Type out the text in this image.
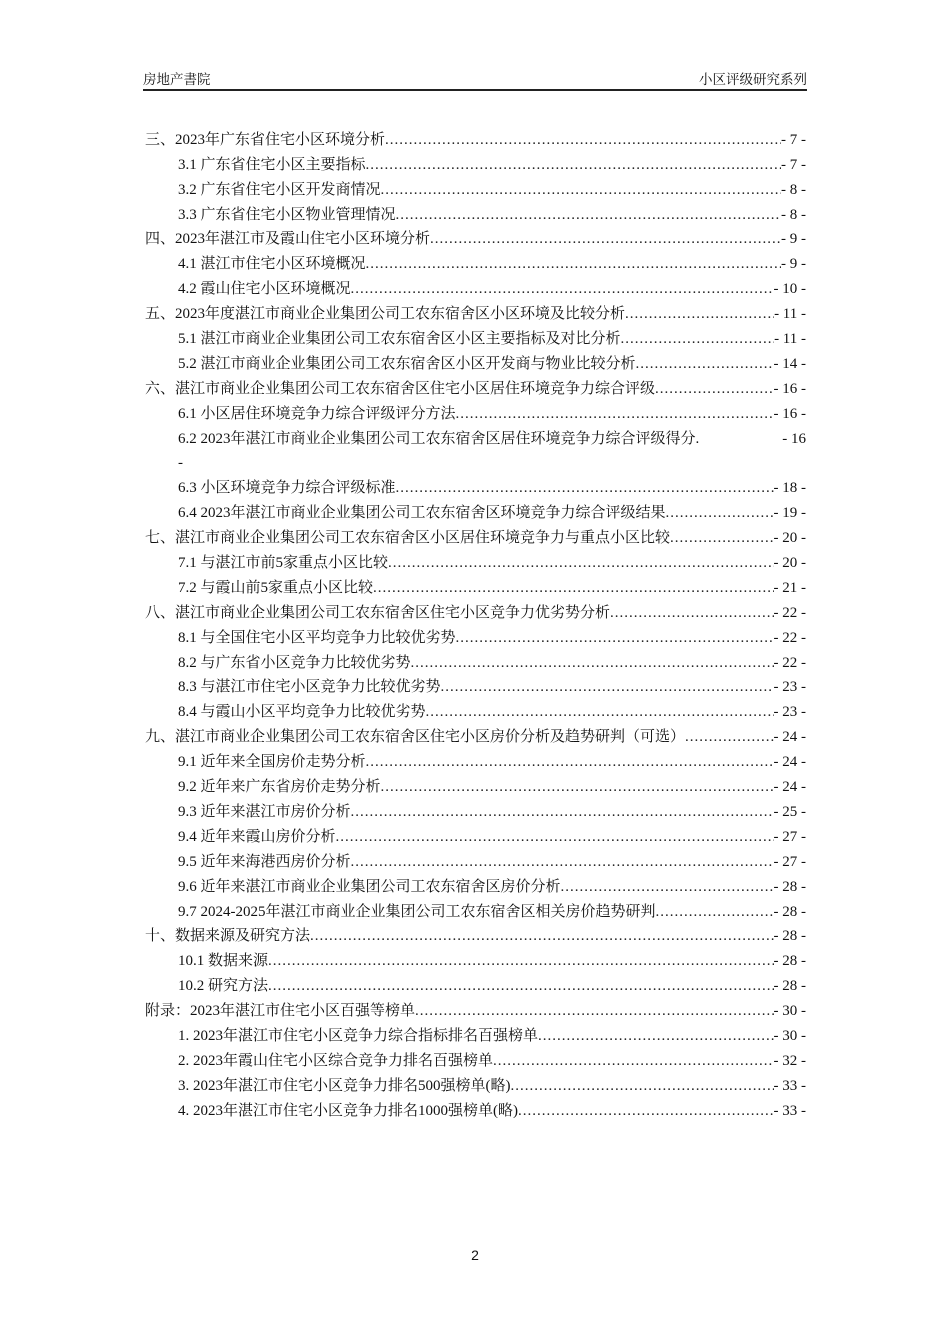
房地产書院	小区评级研究系列
三、2023年广东省住宅小区环境分析 .....	- 7 -
3.1 广东省住宅小区主要指标 .....	- 7 -
3.2 广东省住宅小区开发商情况 .....	- 8 -
3.3 广东省住宅小区物业管理情况 .....	- 8 -
四、2023年湛江市及霞山住宅小区环境分析 .....	- 9 -
4.1 湛江市住宅小区环境概况 .....	- 9 -
4.2 霞山住宅小区环境概况 .....	- 10 -
五、2023年度湛江市商业企业集团公司工农东宿舍区小区环境及比较分析 .....	- 11 -
5.1 湛江市商业企业集团公司工农东宿舍区小区主要指标及对比分析 .....	- 11 -
5.2 湛江市商业企业集团公司工农东宿舍区小区开发商与物业比较分析 .....	- 14 -
六、湛江市商业企业集团公司工农东宿舍区住宅小区居住环境竞争力综合评级 .....	- 16 -
6.1 小区居住环境竞争力综合评级评分方法 .....	- 16 -
6.2 2023年湛江市商业企业集团公司工农东宿舍区居住环境竞争力综合评级得分.	- 16
-
6.3 小区环境竞争力综合评级标准 .....	- 18 -
6.4 2023年湛江市商业企业集团公司工农东宿舍区环境竞争力综合评级结果 .....	- 19 -
七、湛江市商业企业集团公司工农东宿舍区小区居住环境竞争力与重点小区比较 .....	- 20 -
7.1 与湛江市前5家重点小区比较 .....	- 20 -
7.2 与霞山前5家重点小区比较 .....	- 21 -
八、湛江市商业企业集团公司工农东宿舍区住宅小区竞争力优劣势分析 .....	- 22 -
8.1 与全国住宅小区平均竞争力比较优劣势 .....	- 22 -
8.2 与广东省小区竞争力比较优劣势 .....	- 22 -
8.3 与湛江市住宅小区竞争力比较优劣势 .....	- 23 -
8.4 与霞山小区平均竞争力比较优劣势 .....	- 23 -
九、湛江市商业企业集团公司工农东宿舍区住宅小区房价分析及趋势研判（可选） .....	- 24 -
9.1 近年来全国房价走势分析 .....	- 24 -
9.2 近年来广东省房价走势分析 .....	- 24 -
9.3 近年来湛江市房价分析 .....	- 25 -
9.4 近年来霞山房价分析 .....	- 27 -
9.5 近年来海港西房价分析 .....	- 27 -
9.6 近年来湛江市商业企业集团公司工农东宿舍区房价分析 .....	- 28 -
9.7 2024-2025年湛江市商业企业集团公司工农东宿舍区相关房价趋势研判 .....	- 28 -
十、数据来源及研究方法 .....	- 28 -
10.1 数据来源 .....	- 28 -
10.2 研究方法 .....	- 28 -
附录：2023年湛江市住宅小区百强等榜单 .....	- 30 -
1. 2023年湛江市住宅小区竞争力综合指标排名百强榜单 .....	- 30 -
2. 2023年霞山住宅小区综合竞争力排名百强榜单 .....	- 32 -
3. 2023年湛江市住宅小区竞争力排名500强榜单(略) .....	- 33 -
4. 2023年湛江市住宅小区竞争力排名1000强榜单(略) .....	- 33 -
2
